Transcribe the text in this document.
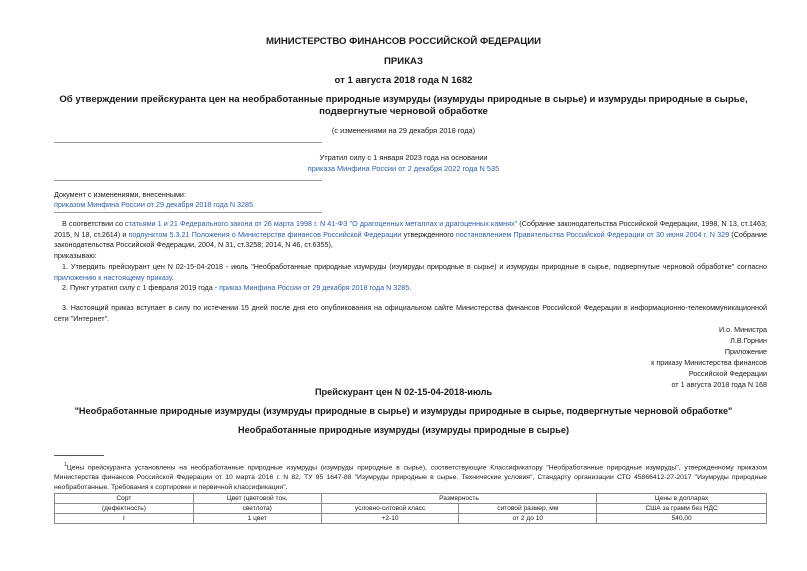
МИНИСТЕРСТВО ФИНАНСОВ РОССИЙСКОЙ ФЕДЕРАЦИИ
ПРИКАЗ
от 1 августа 2018 года N 1682
Об утверждении прейскуранта цен на необработанные природные изумруды (изумруды природные в сырье) и изумруды природные в сырье, подвергнутые черновой обработке
(с изменениями на 29 декабря 2018 года)
Утратил силу с 1 января 2023 года на основании
приказа Минфина России от 2 декабря 2022 года N 535
Документ с изменениями, внесенными:
приказом Минфина России от 29 декабря 2018 года N 3285.
В соответствии со статьями 1 и 21 Федерального закона от 26 марта 1998 г. N 41-ФЗ "О драгоценных металлах и драгоценных камнях" (Собрание законодательства Российской Федерации, 1998, N 13, ст.1463; 2015, N 18, ст.2614) и подпунктом 5.3.21 Положения о Министерстве финансов Российской Федерации утвержденного постановлением Правительства Российской Федерации от 30 июня 2004 г. N 329 (Собрание законодательства Российской Федерации, 2004, N 31, ст.3258; 2014, N 46, ст.6355),
приказываю:
1. Утвердить прейскурант цен N 02-15-04-2018 - июль "Необработанные природные изумруды (изумруды природные в сырье) и изумруды природные в сырье, подвергнутые черновой обработке" согласно приложению к настоящему приказу.
2. Пункт утратил силу с 1 февраля 2019 года - приказ Минфина России от 29 декабря 2018 года N 3285.
3. Настоящий приказ вступает в силу по истечении 15 дней после дня его опубликования на официальном сайте Министерства финансов Российской Федерации в информационно-телекоммуникационной сети "Интернет".
И.о. Министра
Л.В.Горнин
Приложение
к приказу Министерства финансов
Российской Федерации
от 1 августа 2018 года N 168
Прейскурант цен N 02-15-04-2018-июль
"Необработанные природные изумруды (изумруды природные в сырье) и изумруды природные в сырье, подвергнутые черновой обработке"
Необработанные природные изумруды (изумруды природные в сырье)
$^1$Цены прейскуранта установлены на необработанные природные изумруды (изумруды природные в сырье), соответствующие Классификатору "Необработанные природные изумруды", утвержденному приказом Министерства финансов Российской Федерации от 10 марта 2016 г. N 82, ТУ 95 1647-88 "Изумруды природные в сырье. Технические условия", Стандарту организации СТО 45866412-27-2017 "Изумруды природные необработанные. Требования к сортировке и первичной классификации".
Сорт	Цвет (цветовой тон,	Размерность		Цены в долларах
(дефектность)	светлота)	условно-ситовой класс	ситовой размер, мм	США за грамм без НДС
I	1 цвет	+2-10	от 2 до 10	540,00
